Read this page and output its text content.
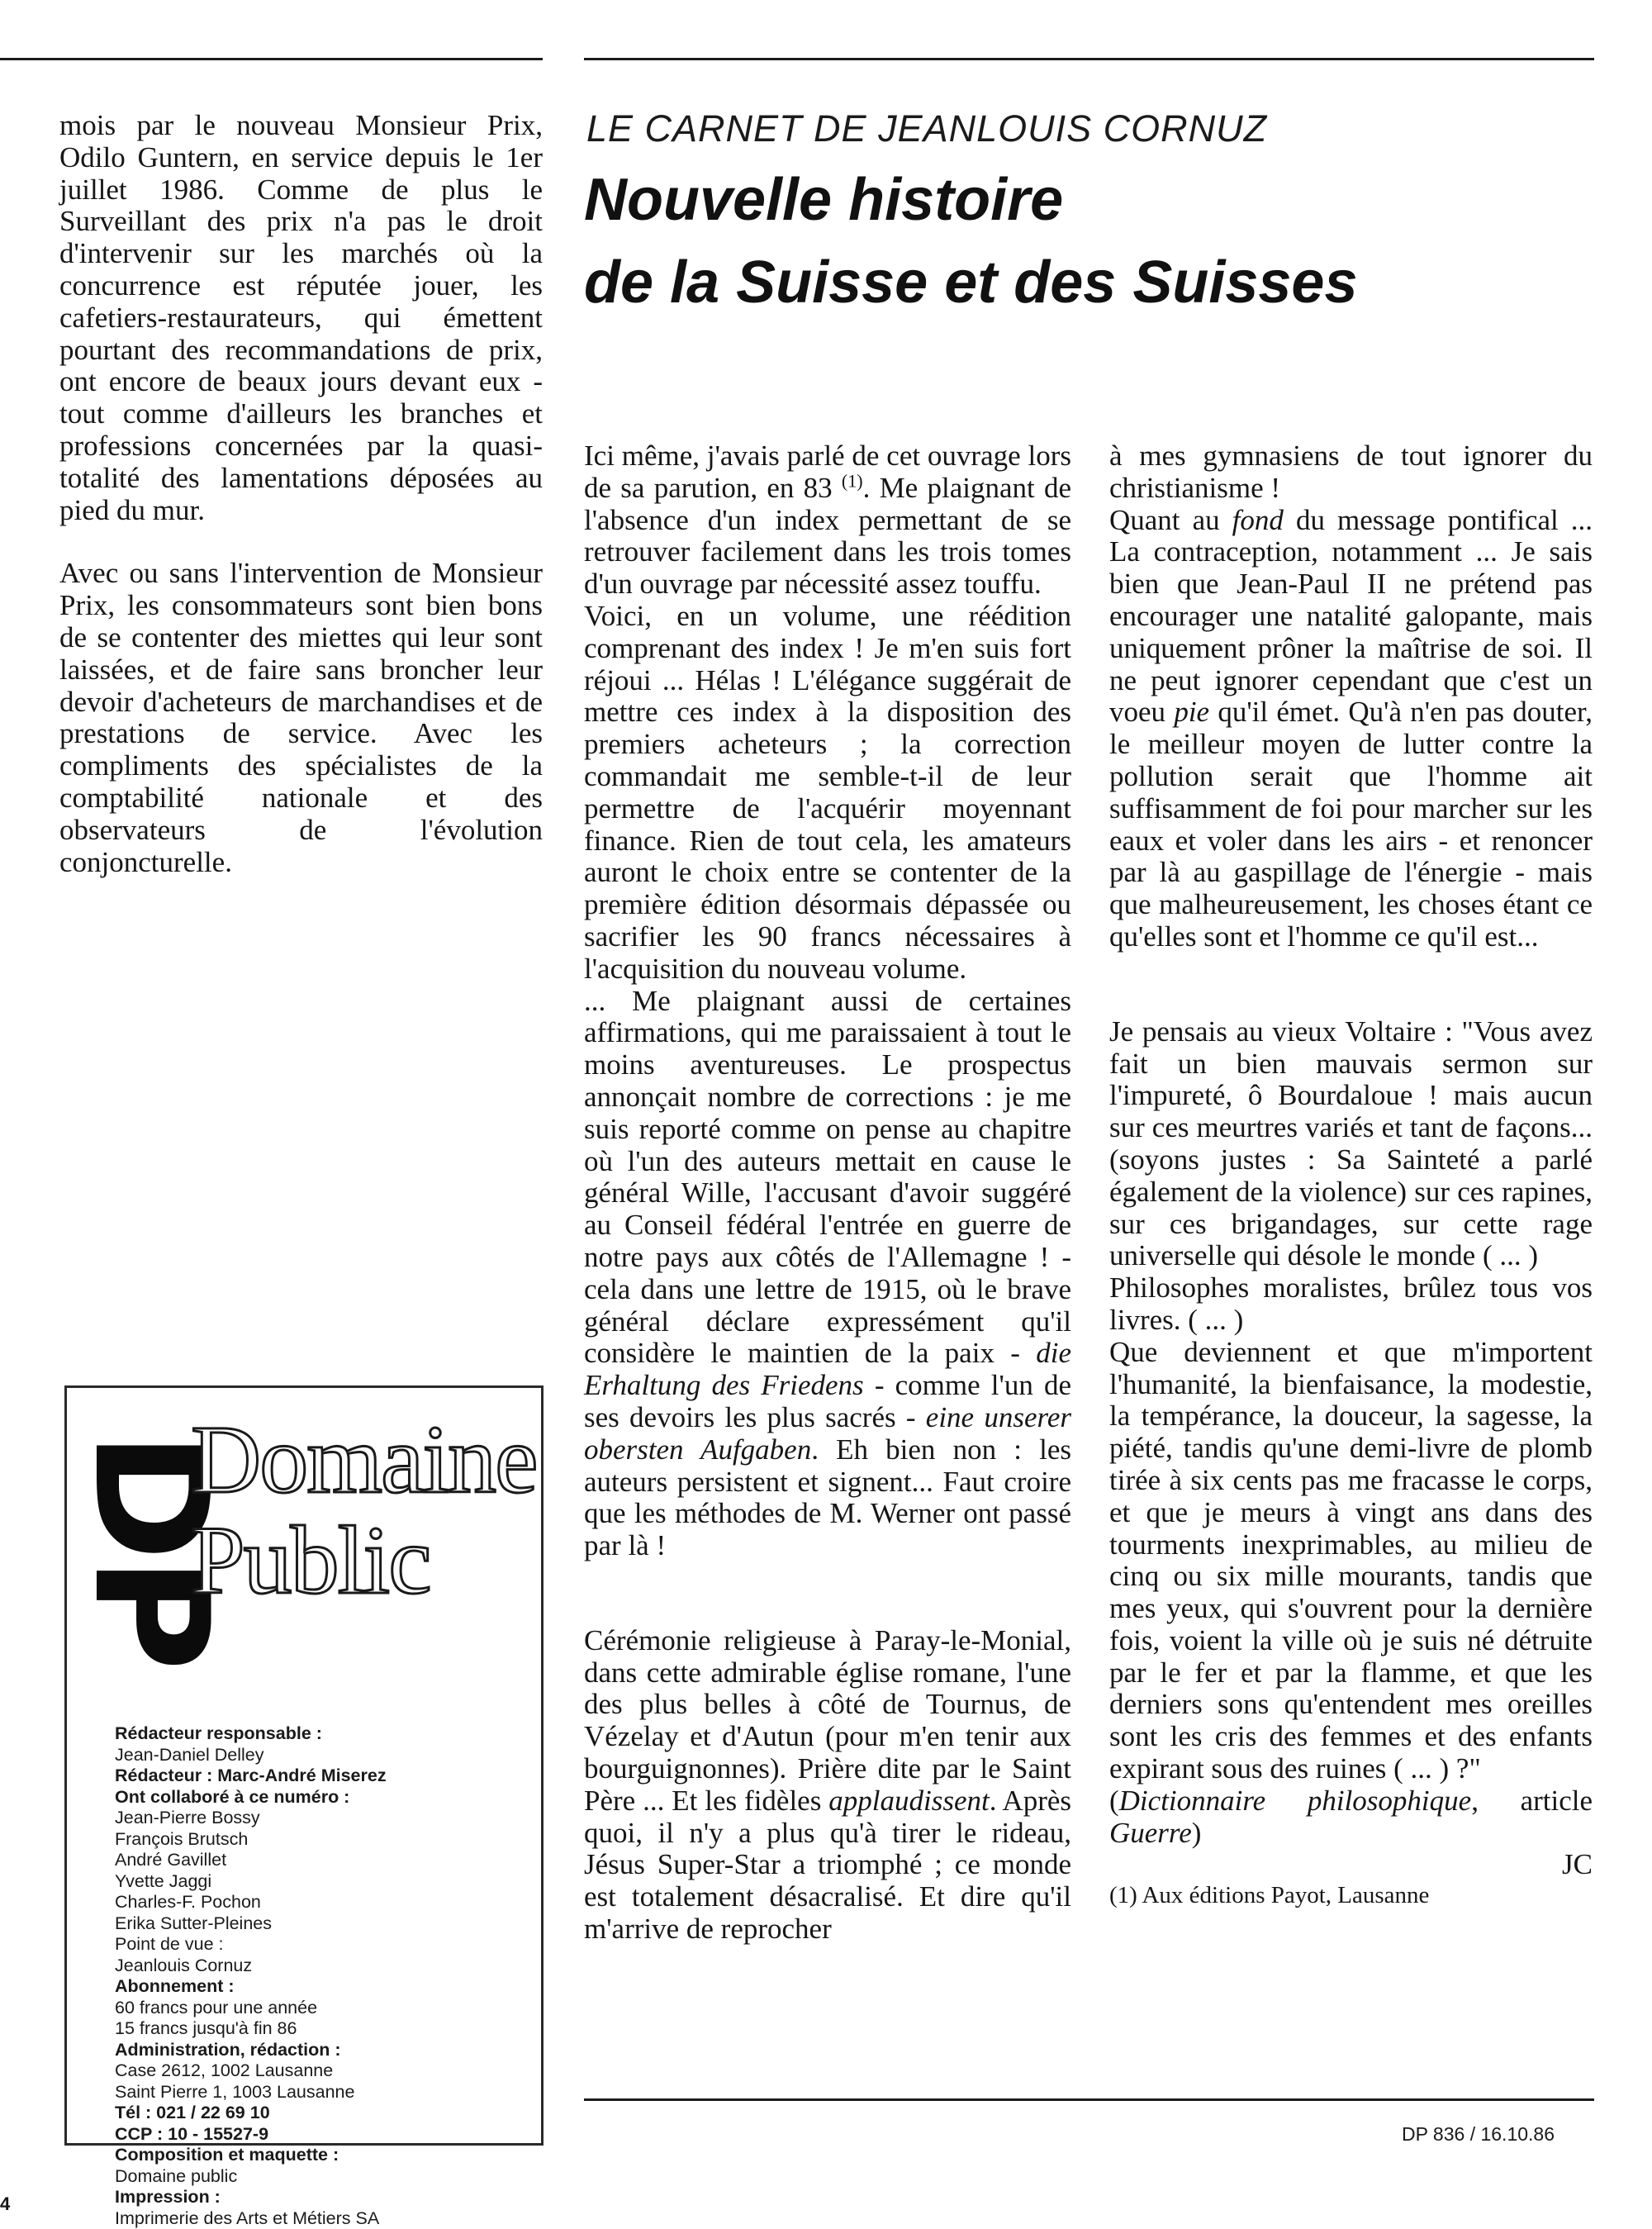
mois par le nouveau Monsieur Prix, Odilo Guntern, en service depuis le 1er juillet 1986. Comme de plus le Surveillant des prix n'a pas le droit d'intervenir sur les marchés où la concurrence est réputée jouer, les cafetiers-restaurateurs, qui émettent pourtant des recommandations de prix, ont encore de beaux jours devant eux - tout comme d'ailleurs les branches et professions concernées par la quasi-totalité des lamentations déposées au pied du mur.

Avec ou sans l'intervention de Monsieur Prix, les consommateurs sont bien bons de se contenter des miettes qui leur sont laissées, et de faire sans broncher leur devoir d'acheteurs de marchandises et de prestations de service. Avec les compliments des spécialistes de la comptabilité nationale et des observateurs de l'évolution conjoncturelle.

LE CARNET DE JEANLOUIS CORNUZ
Nouvelle histoire
de la Suisse et des Suisses

Ici même, j'avais parlé de cet ouvrage lors de sa parution, en 83 $^{(1)}$. Me plaignant de l'absence d'un index permettant de se retrouver facilement dans les trois tomes d'un ouvrage par nécessité assez touffu.

Voici, en un volume, une réédition comprenant des index ! Je m'en suis fort réjoui ... Hélas ! L'élégance suggérait de mettre ces index à la disposition des premiers acheteurs ; la correction commandait me semble-t-il de leur permettre de l'acquérir moyennant finance. Rien de tout cela, les amateurs auront le choix entre se contenter de la première édition désormais dépassée ou sacrifier les 90 francs nécessaires à l'acquisition du nouveau volume.

... Me plaignant aussi de certaines affirmations, qui me paraissaient à tout le moins aventureuses. Le prospectus annonçait nombre de corrections : je me suis reporté comme on pense au chapitre où l'un des auteurs mettait en cause le général Wille, l'accusant d'avoir suggéré au Conseil fédéral l'entrée en guerre de notre pays aux côtés de l'Allemagne ! - cela dans une lettre de 1915, où le brave général déclare expressément qu'il considère le maintien de la paix - die Erhaltung des Friedens - comme l'un de ses devoirs les plus sacrés - eine unserer obersten Aufgaben. Eh bien non : les auteurs persistent et signent... Faut croire que les méthodes de M. Werner ont passé par là !

Cérémonie religieuse à Paray-le-Monial, dans cette admirable église romane, l'une des plus belles à côté de Tournus, de Vézelay et d'Autun (pour m'en tenir aux bourguignonnes). Prière dite par le Saint Père ... Et les fidèles applaudissent. Après quoi, il n'y a plus qu'à tirer le rideau, Jésus Super-Star a triomphé ; ce monde est totalement désacralisé. Et dire qu'il m'arrive de reprocher

à mes gymnasiens de tout ignorer du christianisme !

Quant au fond du message pontifical ... La contraception, notamment ... Je sais bien que Jean-Paul II ne prétend pas encourager une natalité galopante, mais uniquement prôner la maîtrise de soi. Il ne peut ignorer cependant que c'est un voeu pie qu'il émet. Qu'à n'en pas douter, le meilleur moyen de lutter contre la pollution serait que l'homme ait suffisamment de foi pour marcher sur les eaux et voler dans les airs - et renoncer par là au gaspillage de l'énergie - mais que malheureusement, les choses étant ce qu'elles sont et l'homme ce qu'il est...

Je pensais au vieux Voltaire : "Vous avez fait un bien mauvais sermon sur l'impureté, ô Bourdaloue ! mais aucun sur ces meurtres variés et tant de façons... (soyons justes : Sa Sainteté a parlé également de la violence) sur ces rapines, sur ces brigandages, sur cette rage universelle qui désole le monde ( ... )

Philosophes moralistes, brûlez tous vos livres. ( ... )

Que deviennent et que m'importent l'humanité, la bienfaisance, la modestie, la tempérance, la douceur, la sagesse, la piété, tandis qu'une demi-livre de plomb tirée à six cents pas me fracasse le corps, et que je meurs à vingt ans dans des tourments inexprimables, au milieu de cinq ou six mille mourants, tandis que mes yeux, qui s'ouvrent pour la dernière fois, voient la ville où je suis né détruite par le fer et par la flamme, et que les derniers sons qu'entendent mes oreilles sont les cris des femmes et des enfants expirant sous des ruines ( ... ) ?"

(Dictionnaire philosophique, article Guerre)

JC

(1) Aux éditions Payot, Lausanne

DP
Domaine
Public
Rédacteur responsable :
Jean-Daniel Delley
Rédacteur : Marc-André Miserez
Ont collaboré à ce numéro :
Jean-Pierre Bossy
François Brutsch
André Gavillet
Yvette Jaggi
Charles-F. Pochon
Erika Sutter-Pleines
Point de vue :
Jeanlouis Cornuz
Abonnement :
60 francs pour une année
15 francs jusqu'à fin 86
Administration, rédaction :
Case 2612, 1002 Lausanne
Saint Pierre 1, 1003 Lausanne
Tél : 021 / 22 69 10
CCP : 10 - 15527-9
Composition et maquette :
Domaine public
Impression :
Imprimerie des Arts et Métiers SA
DP 836 / 16.10.86
4
